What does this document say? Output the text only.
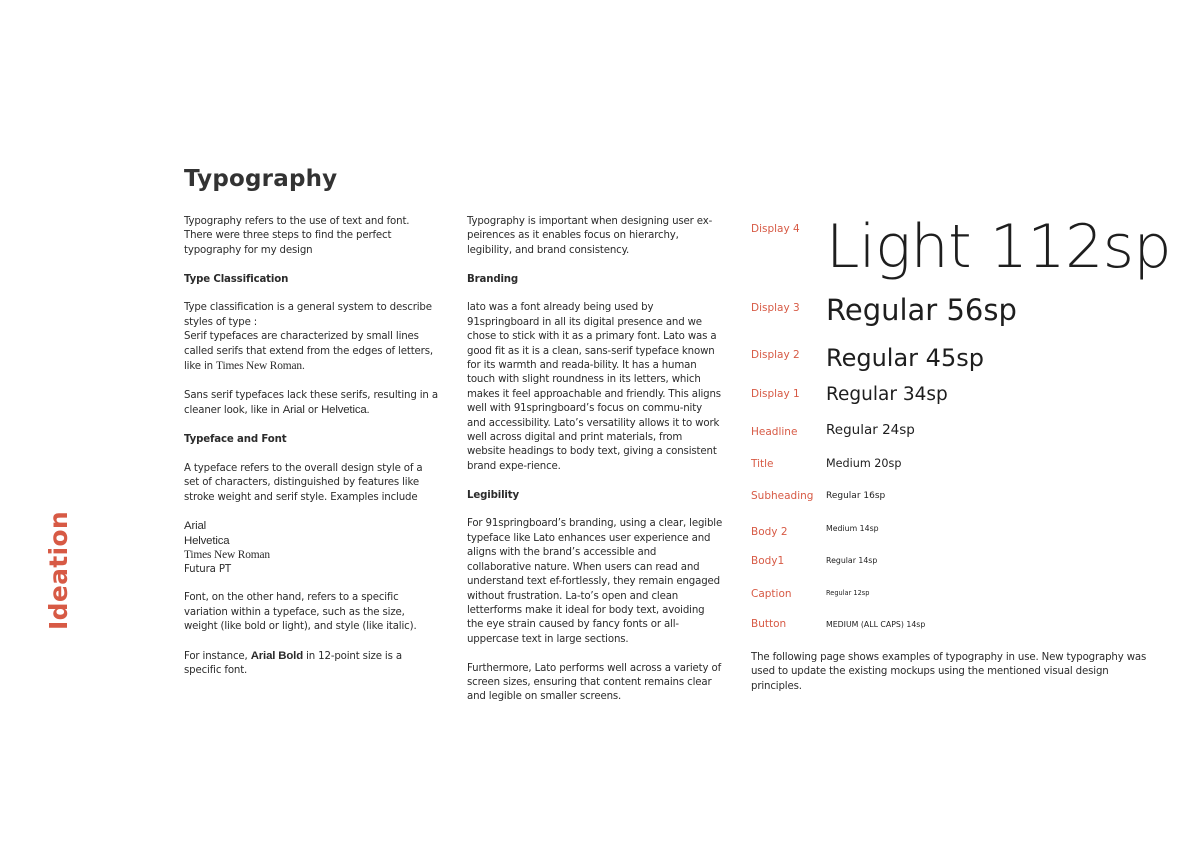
Ideation
Typography

Typography refers to the use of text and font. There were three steps to find the perfect typography for my design

Type Classification

Type classification is a general system to describe styles of type :
Serif typefaces are characterized by small lines called serifs that extend from the edges of letters, like in Times New Roman.

Sans serif typefaces lack these serifs, resulting in a cleaner look, like in Arial or Helvetica.

Typeface and Font

A typeface refers to the overall design style of a set of characters, distinguished by features like stroke weight and serif style. Examples include

Arial
Helvetica
Times New Roman
Futura PT

Font, on the other hand, refers to a specific variation within a typeface, such as the size, weight (like bold or light), and style (like italic).

For instance, Arial Bold in 12-point size is a specific font.

Typography is important when designing user ex-peirences as it enables focus on hierarchy, legibility, and brand consistency.

Branding

lato was a font already being used by 91springboard in all its digital presence and we chose to stick with it as a primary font. Lato was a good fit as it is a clean, sans-serif typeface known for its warmth and reada-bility. It has a human touch with slight roundness in its letters, which makes it feel approachable and friendly. This aligns well with 91springboard’s focus on commu-nity and accessibility. Lato’s versatility allows it to work well across digital and print materials, from website headings to body text, giving a consistent brand expe-rience.

Legibility

For 91springboard’s branding, using a clear, legible typeface like Lato enhances user experience and aligns with the brand’s accessible and collaborative nature. When users can read and understand text ef-fortlessly, they remain engaged without frustration. La-to’s open and clean letterforms make it ideal for body text, avoiding the eye strain caused by fancy fonts or all-uppercase text in large sections.

Furthermore, Lato performs well across a variety of screen sizes, ensuring that content remains clear and legible on smaller screens.

Display 4 Light 112sp
Display 3 Regular 56sp
Display 2 Regular 45sp
Display 1 Regular 34sp
Headline Regular 24sp
Title	Medium 20sp
Subheading Regular 16sp
Body 2	Medium 14sp
Body1	Regular 14sp
Caption	Regular 12sp
Button	MEDIUM (ALL CAPS) 14sp

The following page shows examples of typography in use. New typography was used to update the existing mockups using the mentioned visual design principles.
